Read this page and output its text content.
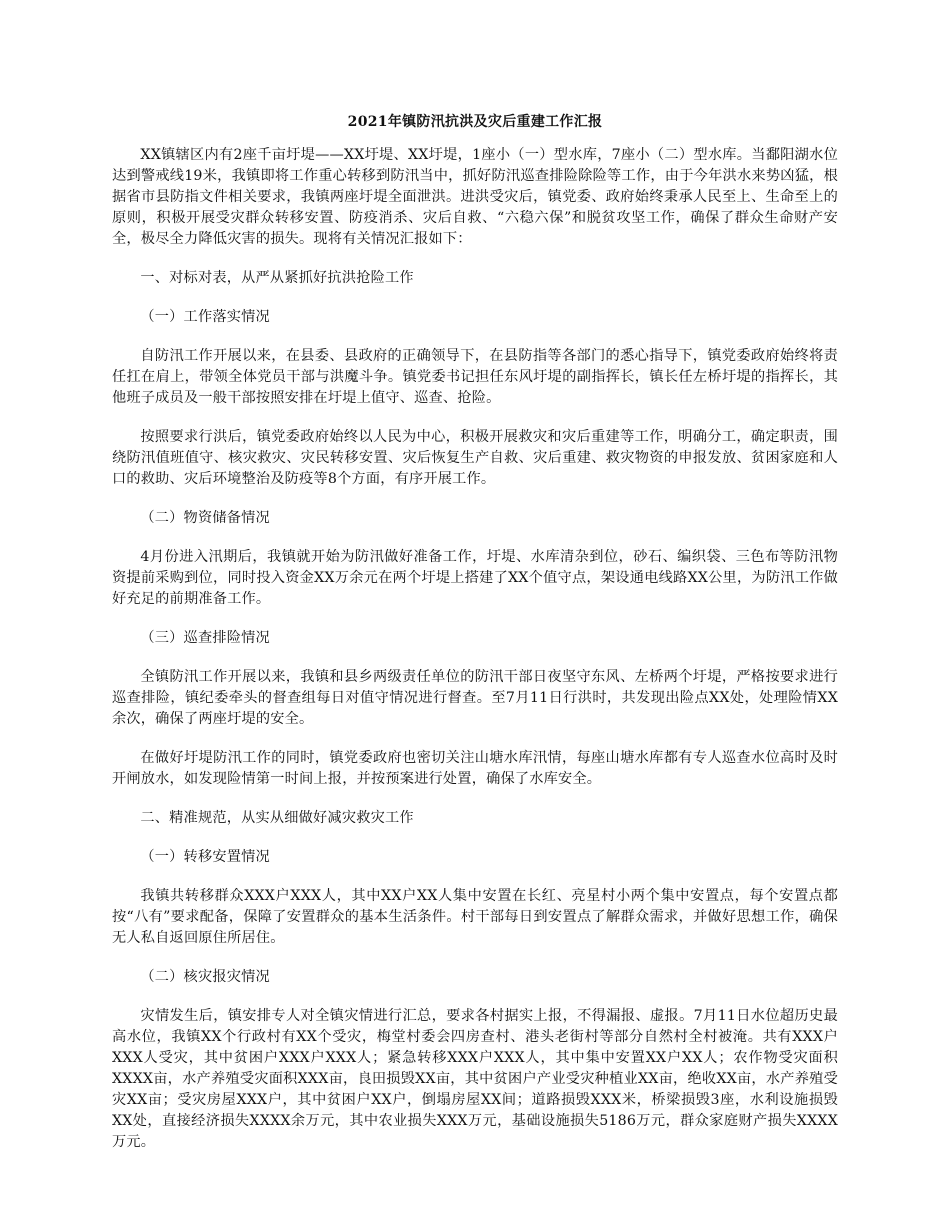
2021年镇防汛抗洪及灾后重建工作汇报

XX镇辖区内有2座千亩圩堤——XX圩堤、XX圩堤，1座小（一）型水库，7座小（二）型水库。当鄱阳湖水位达到警戒线19米，我镇即将工作重心转移到防汛当中，抓好防汛巡查排险除险等工作，由于今年洪水来势凶猛，根据省市县防指文件相关要求，我镇两座圩堤全面泄洪。进洪受灾后，镇党委、政府始终秉承人民至上、生命至上的原则，积极开展受灾群众转移安置、防疫消杀、灾后自救、“六稳六保”和脱贫攻坚工作，确保了群众生命财产安全，极尽全力降低灾害的损失。现将有关情况汇报如下：

一、对标对表，从严从紧抓好抗洪抢险工作

（一）工作落实情况

自防汛工作开展以来，在县委、县政府的正确领导下，在县防指等各部门的悉心指导下，镇党委政府始终将责任扛在肩上，带领全体党员干部与洪魔斗争。镇党委书记担任东风圩堤的副指挥长，镇长任左桥圩堤的指挥长，其他班子成员及一般干部按照安排在圩堤上值守、巡查、抢险。

按照要求行洪后，镇党委政府始终以人民为中心，积极开展救灾和灾后重建等工作，明确分工，确定职责，围绕防汛值班值守、核灾救灾、灾民转移安置、灾后恢复生产自救、灾后重建、救灾物资的申报发放、贫困家庭和人口的救助、灾后环境整治及防疫等8个方面，有序开展工作。

（二）物资储备情况

4月份进入汛期后，我镇就开始为防汛做好准备工作，圩堤、水库清杂到位，砂石、编织袋、三色布等防汛物资提前采购到位，同时投入资金XX万余元在两个圩堤上搭建了XX个值守点，架设通电线路XX公里，为防汛工作做好充足的前期准备工作。

（三）巡查排险情况

全镇防汛工作开展以来，我镇和县乡两级责任单位的防汛干部日夜坚守东风、左桥两个圩堤，严格按要求进行巡查排险，镇纪委牵头的督查组每日对值守情况进行督查。至7月11日行洪时，共发现出险点XX处，处理险情XX余次，确保了两座圩堤的安全。

在做好圩堤防汛工作的同时，镇党委政府也密切关注山塘水库汛情，每座山塘水库都有专人巡查水位高时及时开闸放水，如发现险情第一时间上报，并按预案进行处置，确保了水库安全。

二、精准规范，从实从细做好减灾救灾工作

（一）转移安置情况

我镇共转移群众XXX户XXX人，其中XX户XX人集中安置在长红、亮星村小两个集中安置点，每个安置点都按“八有”要求配备，保障了安置群众的基本生活条件。村干部每日到安置点了解群众需求，并做好思想工作，确保无人私自返回原住所居住。

（二）核灾报灾情况

灾情发生后，镇安排专人对全镇灾情进行汇总，要求各村据实上报，不得漏报、虚报。7月11日水位超历史最高水位，我镇XX个行政村有XX个受灾，梅堂村委会四房查村、港头老街村等部分自然村全村被淹。共有XXX户XXX人受灾，其中贫困户XXX户XXX人；紧急转移XXX户XXX人，其中集中安置XX户XX人；农作物受灾面积XXXX亩，水产养殖受灾面积XXX亩，良田损毁XX亩，其中贫困户产业受灾种植业XX亩，绝收XX亩，水产养殖受灾XX亩；受灾房屋XXX户，其中贫困户XX户，倒塌房屋XX间；道路损毁XXX米，桥梁损毁3座，水利设施损毁XX处，直接经济损失XXXX余万元，其中农业损失XXX万元，基础设施损失5186万元，群众家庭财产损失XXXX万元。
